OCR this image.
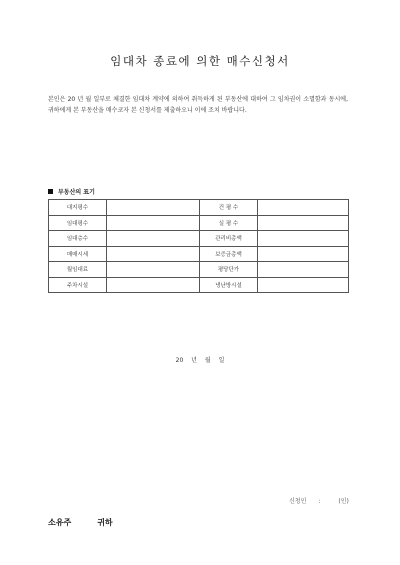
임대차 종료에 의한 매수신청서
본인은 20 년 월 일부로 체결한 임대차 계약에 의하여 취득하게 된 부동산에 대하여 그 임차권이 소멸함과 동시에, 귀하에게 본 부동산을 매수코자 본 신청서를 제출하오니 이에 조치 바랍니다.
부동산의 표기
대지평수		건 평 수	
임대평수		실 평 수	
임대층수		관리비총액	
매매시세		보증금총액	
월임대료		평당단가	
주차시설		냉난방시설	
20 년 월 일
신청인 :	(인)
소유주	귀하
